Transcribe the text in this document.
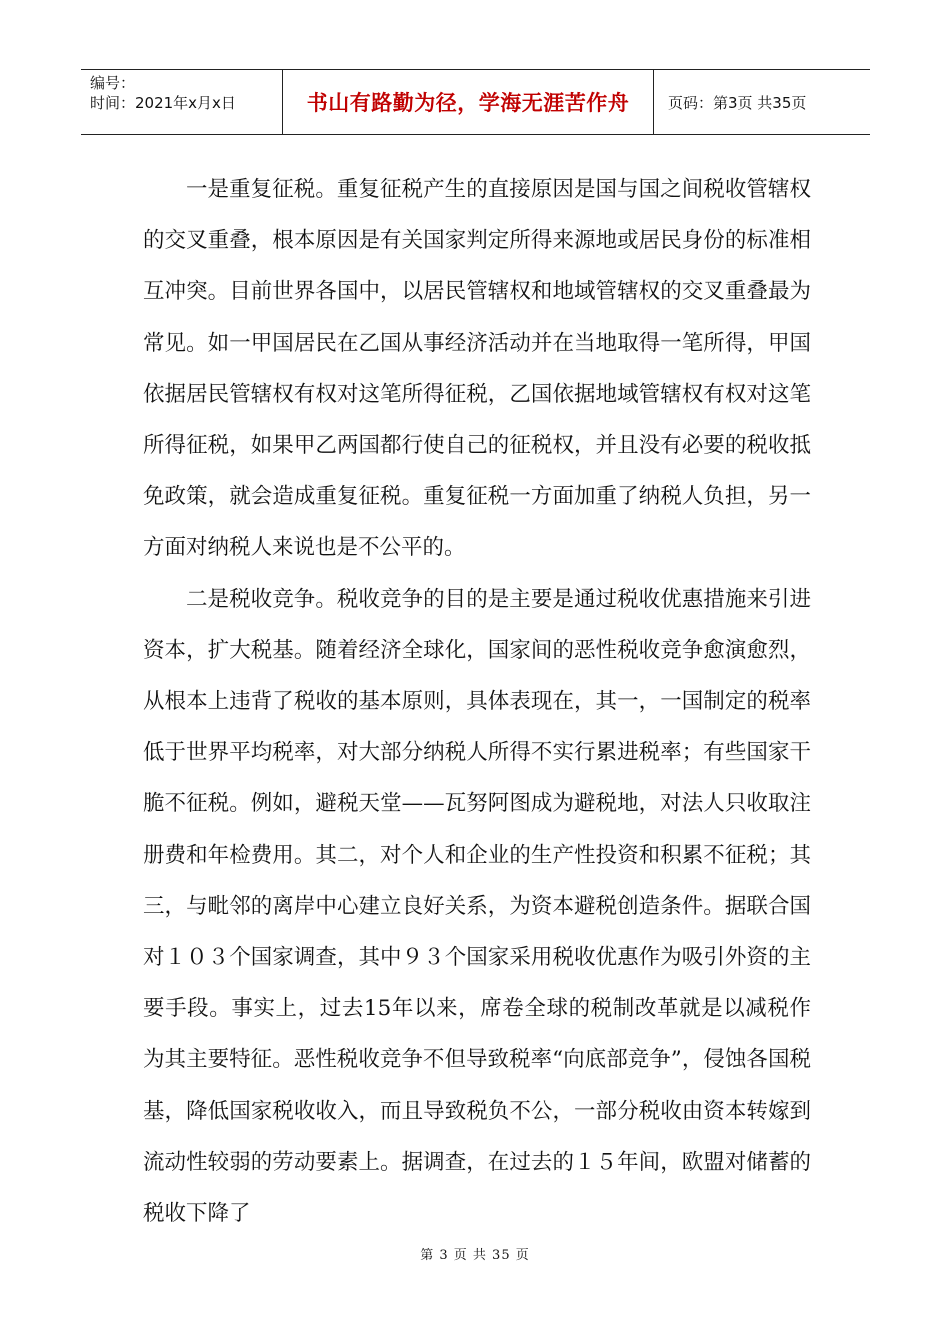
编号：
时间：2021年x月x日	书山有路勤为径，学海无涯苦作舟	页码：第3页 共35页

一是重复征税。重复征税产生的直接原因是国与国之间税收管辖权的交叉重叠，根本原因是有关国家判定所得来源地或居民身份的标准相互冲突。目前世界各国中，以居民管辖权和地域管辖权的交叉重叠最为常见。如一甲国居民在乙国从事经济活动并在当地取得一笔所得，甲国依据居民管辖权有权对这笔所得征税，乙国依据地域管辖权有权对这笔所得征税，如果甲乙两国都行使自己的征税权，并且没有必要的税收抵免政策，就会造成重复征税。重复征税一方面加重了纳税人负担，另一方面对纳税人来说也是不公平的。

二是税收竞争。税收竞争的目的是主要是通过税收优惠措施来引进资本，扩大税基。随着经济全球化，国家间的恶性税收竞争愈演愈烈，从根本上违背了税收的基本原则，具体表现在，其一，一国制定的税率低于世界平均税率，对大部分纳税人所得不实行累进税率；有些国家干脆不征税。例如，避税天堂——瓦努阿图成为避税地，对法人只收取注册费和年检费用。其二，对个人和企业的生产性投资和积累不征税；其三，与毗邻的离岸中心建立良好关系，为资本避税创造条件。据联合国对１０３个国家调查，其中９３个国家采用税收优惠作为吸引外资的主要手段。事实上，过去15年以来，席卷全球的税制改革就是以减税作为其主要特征。恶性税收竞争不但导致税率“向底部竞争”，侵蚀各国税基，降低国家税收收入，而且导致税负不公，一部分税收由资本转嫁到流动性较弱的劳动要素上。据调查，在过去的１５年间，欧盟对储蓄的税收下降了

第 3 页 共 35 页
